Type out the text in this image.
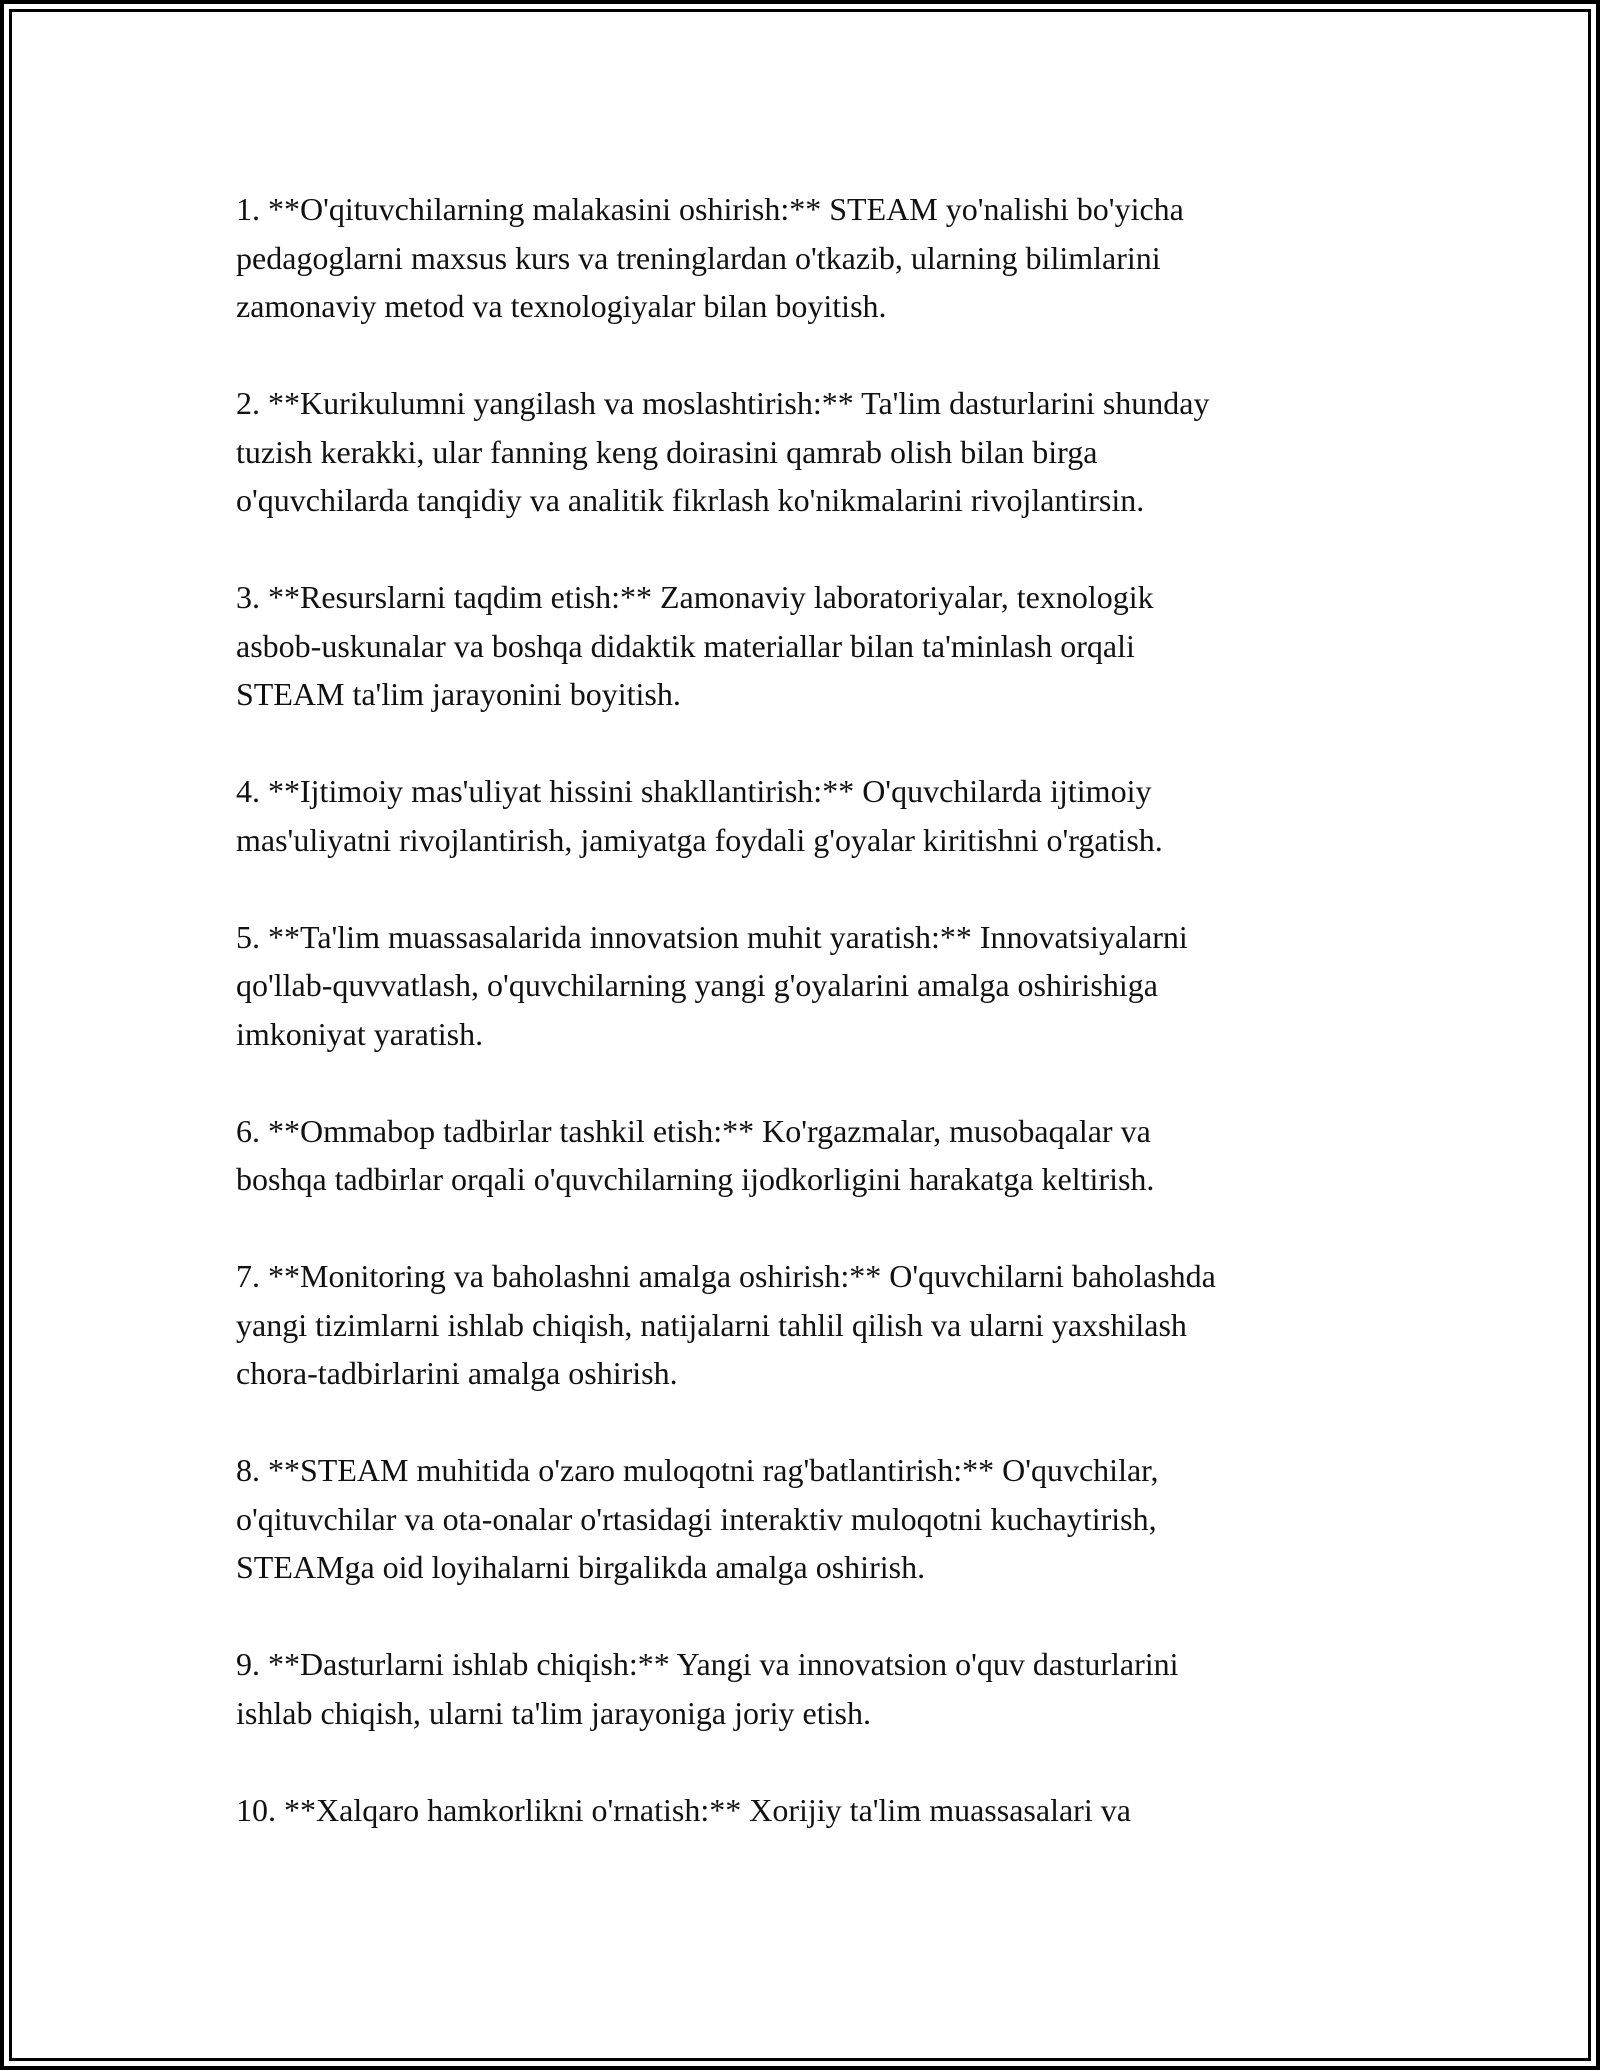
1. **O'qituvchilarning malakasini oshirish:** STEAM yo'nalishi bo'yicha
pedagoglarni maxsus kurs va treninglardan o'tkazib, ularning bilimlarini
zamonaviy metod va texnologiyalar bilan boyitish.
2. **Kurikulumni yangilash va moslashtirish:** Ta'lim dasturlarini shunday
tuzish kerakki, ular fanning keng doirasini qamrab olish bilan birga
o'quvchilarda tanqidiy va analitik fikrlash ko'nikmalarini rivojlantirsin.
3. **Resurslarni taqdim etish:** Zamonaviy laboratoriyalar, texnologik
asbob-uskunalar va boshqa didaktik materiallar bilan ta'minlash orqali
STEAM ta'lim jarayonini boyitish.
4. **Ijtimoiy mas'uliyat hissini shakllantirish:** O'quvchilarda ijtimoiy
mas'uliyatni rivojlantirish, jamiyatga foydali g'oyalar kiritishni o'rgatish.
5. **Ta'lim muassasalarida innovatsion muhit yaratish:** Innovatsiyalarni
qo'llab-quvvatlash, o'quvchilarning yangi g'oyalarini amalga oshirishiga
imkoniyat yaratish.
6. **Ommabop tadbirlar tashkil etish:** Ko'rgazmalar, musobaqalar va
boshqa tadbirlar orqali o'quvchilarning ijodkorligini harakatga keltirish.
7. **Monitoring va baholashni amalga oshirish:** O'quvchilarni baholashda
yangi tizimlarni ishlab chiqish, natijalarni tahlil qilish va ularni yaxshilash
chora-tadbirlarini amalga oshirish.
8. **STEAM muhitida o'zaro muloqotni rag'batlantirish:** O'quvchilar,
o'qituvchilar va ota-onalar o'rtasidagi interaktiv muloqotni kuchaytirish,
STEAMga oid loyihalarni birgalikda amalga oshirish.
9. **Dasturlarni ishlab chiqish:** Yangi va innovatsion o'quv dasturlarini
ishlab chiqish, ularni ta'lim jarayoniga joriy etish.
10. **Xalqaro hamkorlikni o'rnatish:** Xorijiy ta'lim muassasalari va
